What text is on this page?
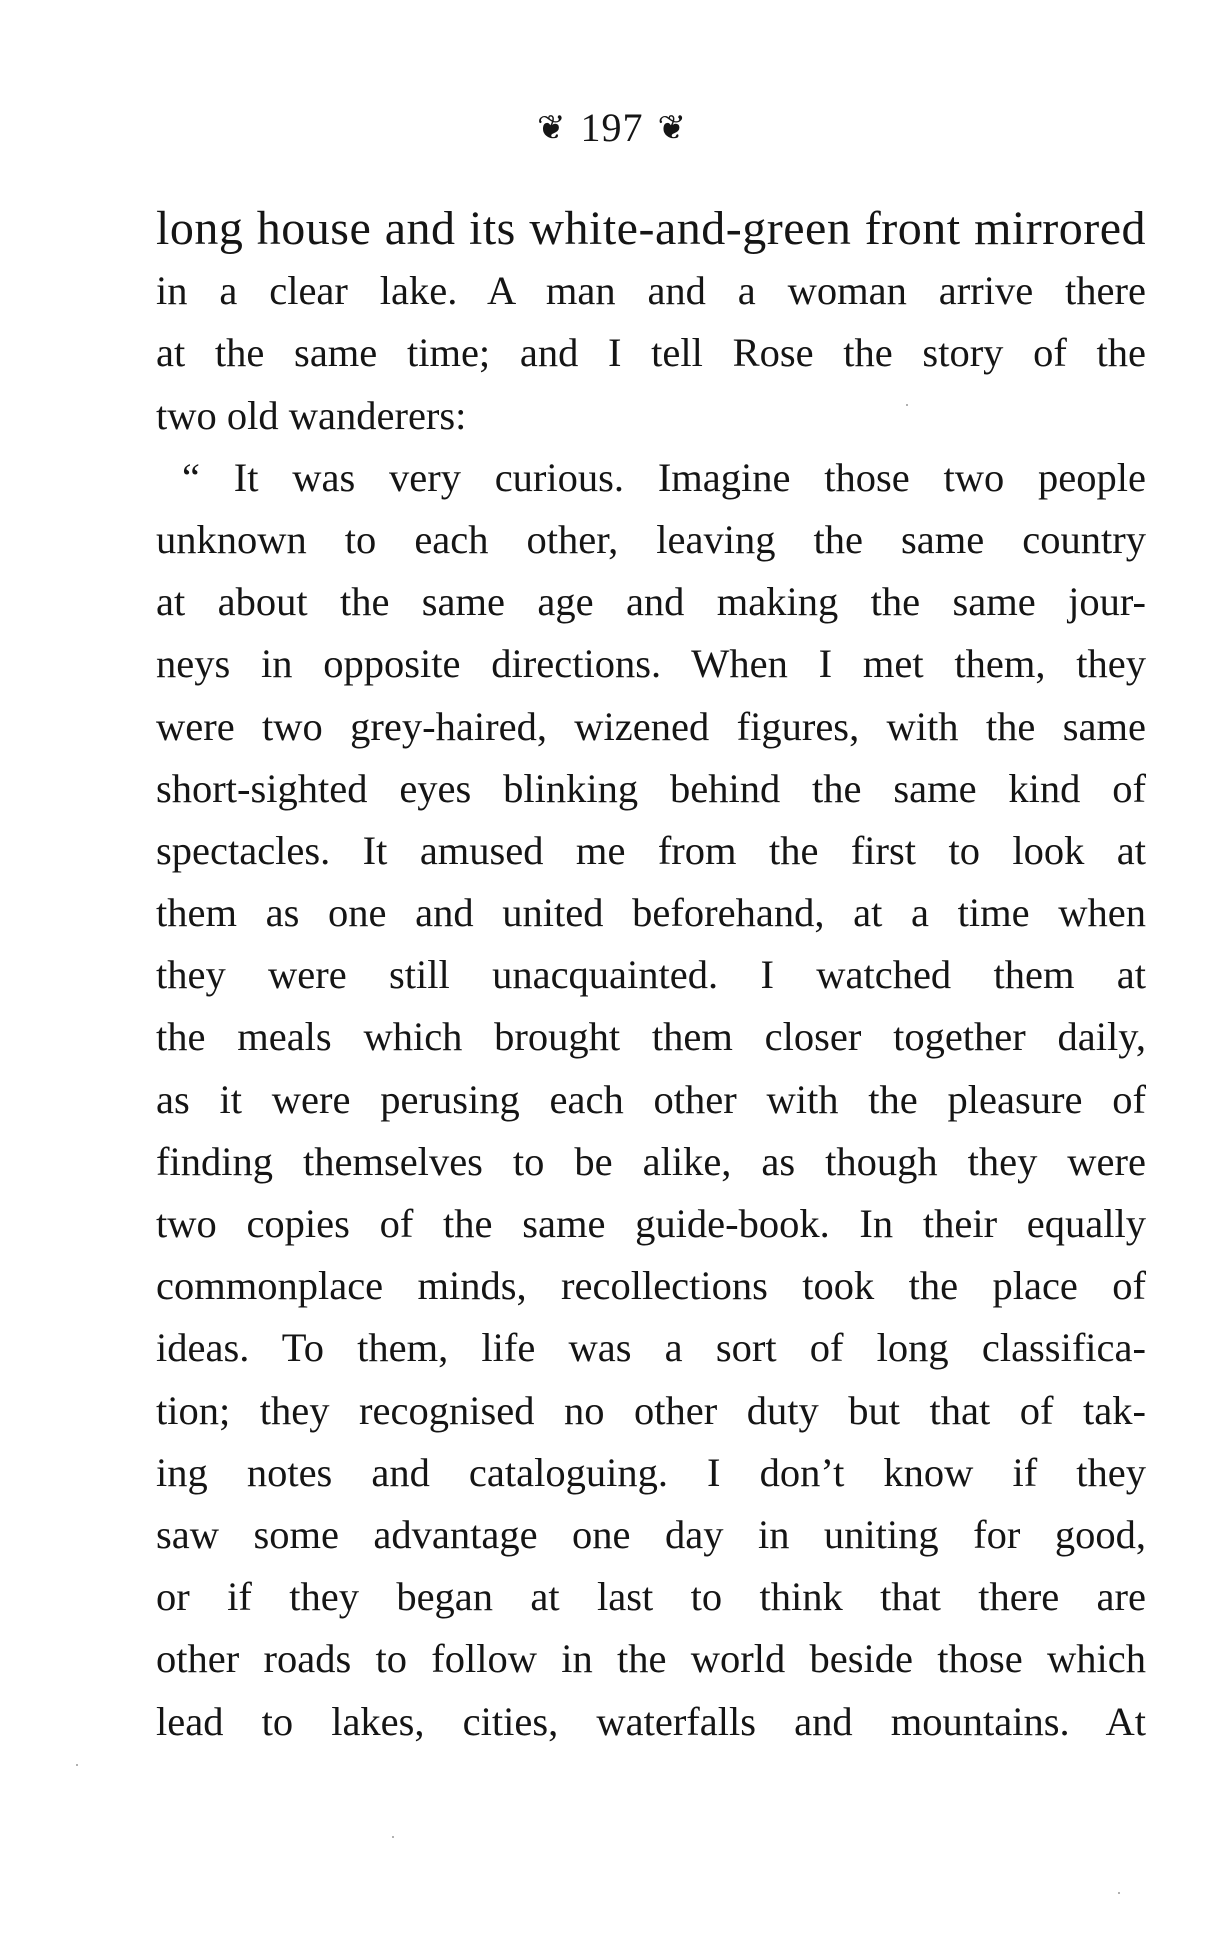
❦ 197 ❦
long house and its white-and-green front mirrored
in a clear lake. A man and a woman arrive there
at the same time; and I tell Rose the story of the
two old wanderers:
“ It was very curious. Imagine those two people
unknown to each other, leaving the same country
at about the same age and making the same jour-
neys in opposite directions. When I met them, they
were two grey-haired, wizened figures, with the same
short-sighted eyes blinking behind the same kind of
spectacles. It amused me from the first to look at
them as one and united beforehand, at a time when
they were still unacquainted. I watched them at
the meals which brought them closer together daily,
as it were perusing each other with the pleasure of
finding themselves to be alike, as though they were
two copies of the same guide-book. In their equally
commonplace minds, recollections took the place of
ideas. To them, life was a sort of long classifica-
tion; they recognised no other duty but that of tak-
ing notes and cataloguing. I don’t know if they
saw some advantage one day in uniting for good,
or if they began at last to think that there are
other roads to follow in the world beside those which
lead to lakes, cities, waterfalls and mountains. At
